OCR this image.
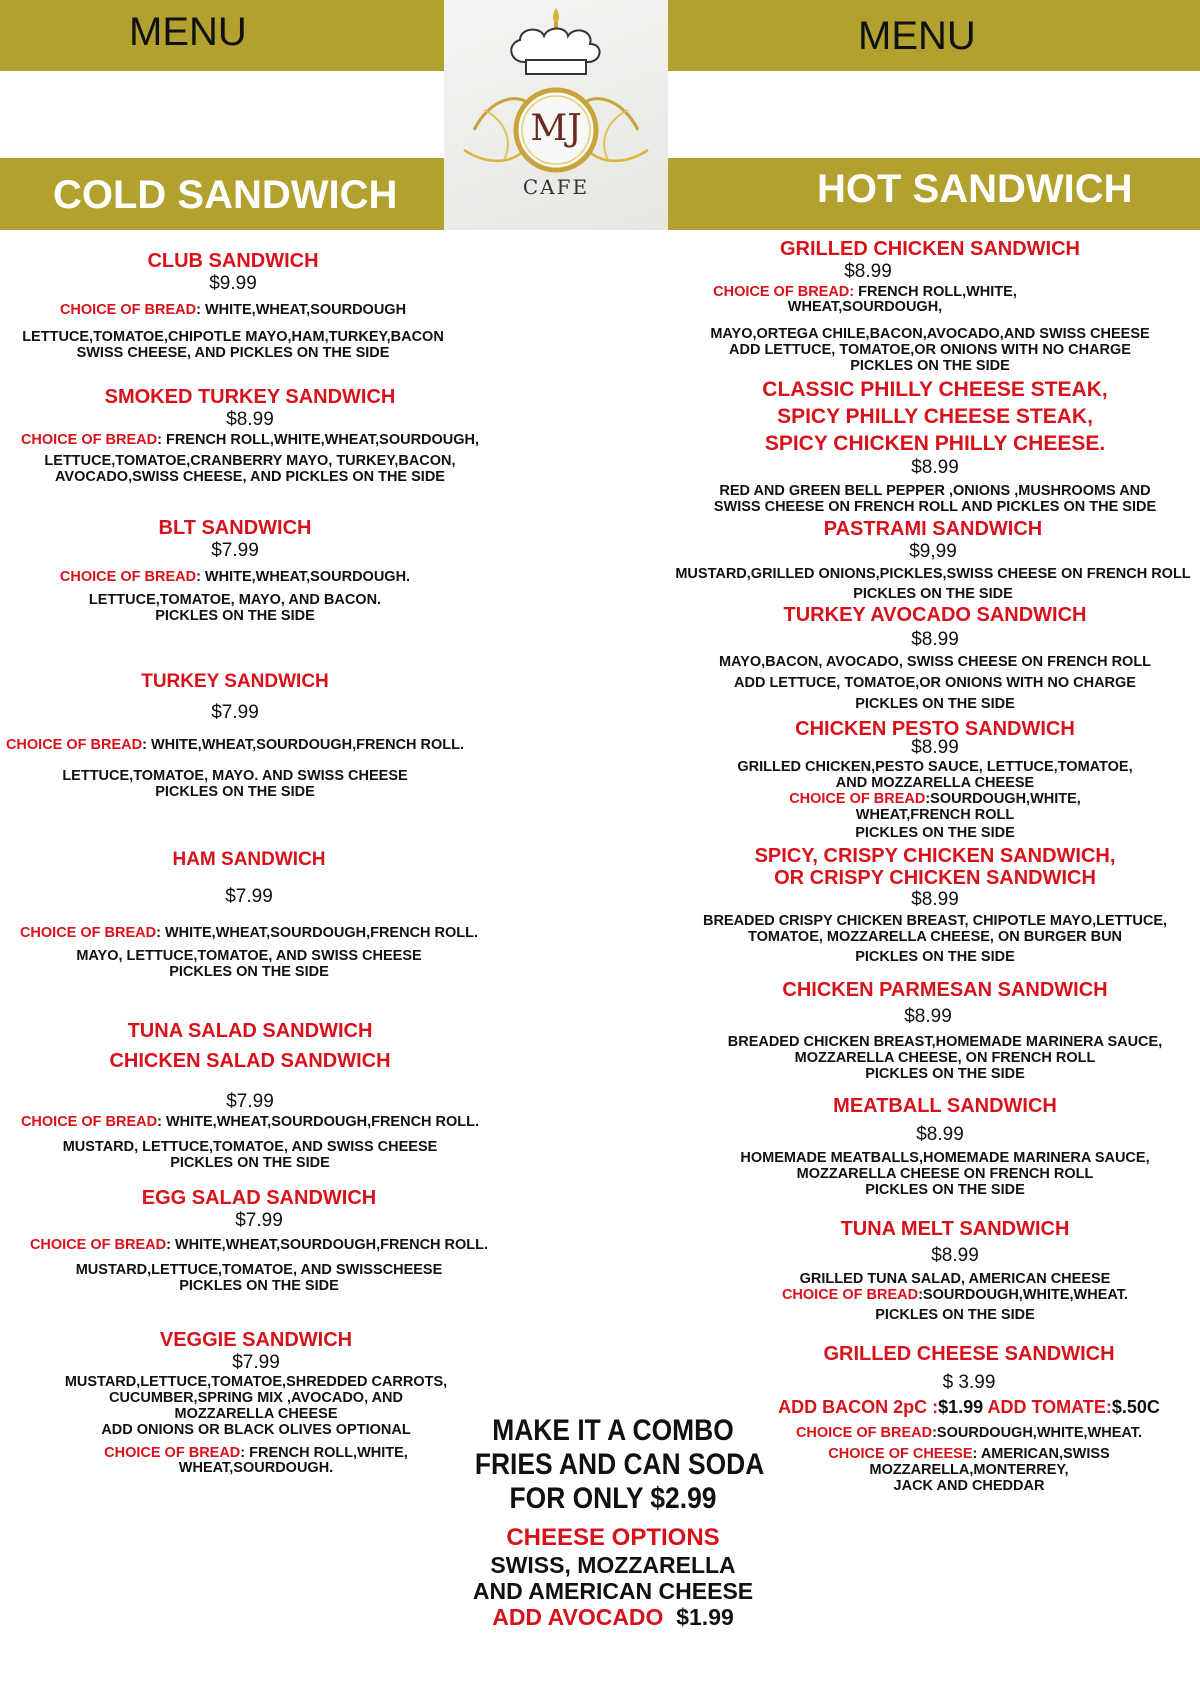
MENU	MENU
COLD SANDWICH	HOT SANDWICH
MJ
CAFE
CLUB SANDWICH
$9.99
CHOICE OF BREAD: WHITE,WHEAT,SOURDOUGH
LETTUCE,TOMATOE,CHIPOTLE MAYO,HAM,TURKEY,BACON
SWISS CHEESE, AND PICKLES ON THE SIDE
SMOKED TURKEY SANDWICH
$8.99
CHOICE OF BREAD: FRENCH ROLL,WHITE,WHEAT,SOURDOUGH,
LETTUCE,TOMATOE,CRANBERRY MAYO, TURKEY,BACON,
AVOCADO,SWISS CHEESE, AND PICKLES ON THE SIDE
BLT SANDWICH
$7.99
CHOICE OF BREAD: WHITE,WHEAT,SOURDOUGH.
LETTUCE,TOMATOE, MAYO, AND BACON.
PICKLES ON THE SIDE
TURKEY SANDWICH
$7.99
CHOICE OF BREAD: WHITE,WHEAT,SOURDOUGH,FRENCH ROLL.
LETTUCE,TOMATOE, MAYO. AND SWISS CHEESE
PICKLES ON THE SIDE
HAM SANDWICH
$7.99
CHOICE OF BREAD: WHITE,WHEAT,SOURDOUGH,FRENCH ROLL.
MAYO, LETTUCE,TOMATOE, AND SWISS CHEESE
PICKLES ON THE SIDE
TUNA SALAD SANDWICH
CHICKEN SALAD SANDWICH
$7.99
CHOICE OF BREAD: WHITE,WHEAT,SOURDOUGH,FRENCH ROLL.
MUSTARD, LETTUCE,TOMATOE, AND SWISS CHEESE
PICKLES ON THE SIDE
EGG SALAD SANDWICH
$7.99
CHOICE OF BREAD: WHITE,WHEAT,SOURDOUGH,FRENCH ROLL.
MUSTARD,LETTUCE,TOMATOE, AND SWISSCHEESE
PICKLES ON THE SIDE
VEGGIE SANDWICH
$7.99
MUSTARD,LETTUCE,TOMATOE,SHREDDED CARROTS,
CUCUMBER,SPRING MIX ,AVOCADO, AND
MOZZARELLA CHEESE
ADD ONIONS OR BLACK OLIVES OPTIONAL
CHOICE OF BREAD: FRENCH ROLL,WHITE,
WHEAT,SOURDOUGH.
GRILLED CHICKEN SANDWICH
$8.99
CHOICE OF BREAD: FRENCH ROLL,WHITE,
WHEAT,SOURDOUGH,
MAYO,ORTEGA CHILE,BACON,AVOCADO,AND SWISS CHEESE
ADD LETTUCE, TOMATOE,OR ONIONS WITH NO CHARGE
PICKLES ON THE SIDE
CLASSIC PHILLY CHEESE STEAK,
SPICY PHILLY CHEESE STEAK,
SPICY CHICKEN PHILLY CHEESE.
$8.99
RED AND GREEN BELL PEPPER ,ONIONS ,MUSHROOMS AND
SWISS CHEESE ON FRENCH ROLL AND PICKLES ON THE SIDE
PASTRAMI SANDWICH
$9,99
MUSTARD,GRILLED ONIONS,PICKLES,SWISS CHEESE ON FRENCH ROLL
PICKLES ON THE SIDE
TURKEY AVOCADO SANDWICH
$8.99
MAYO,BACON, AVOCADO, SWISS CHEESE ON FRENCH ROLL
ADD LETTUCE, TOMATOE,OR ONIONS WITH NO CHARGE
PICKLES ON THE SIDE
CHICKEN PESTO SANDWICH
$8.99
GRILLED CHICKEN,PESTO SAUCE, LETTUCE,TOMATOE,
AND MOZZARELLA CHEESE
CHOICE OF BREAD:SOURDOUGH,WHITE,
WHEAT,FRENCH ROLL
PICKLES ON THE SIDE
SPICY, CRISPY CHICKEN SANDWICH,
OR CRISPY CHICKEN SANDWICH
$8.99
BREADED CRISPY CHICKEN BREAST, CHIPOTLE MAYO,LETTUCE,
TOMATOE, MOZZARELLA CHEESE, ON BURGER BUN
PICKLES ON THE SIDE
CHICKEN PARMESAN SANDWICH
$8.99
BREADED CHICKEN BREAST,HOMEMADE MARINERA SAUCE,
MOZZARELLA CHEESE, ON FRENCH ROLL
PICKLES ON THE SIDE
MEATBALL SANDWICH
$8.99
HOMEMADE MEATBALLS,HOMEMADE MARINERA SAUCE,
MOZZARELLA CHEESE ON FRENCH ROLL
PICKLES ON THE SIDE
TUNA MELT SANDWICH
$8.99
GRILLED TUNA SALAD, AMERICAN CHEESE
CHOICE OF BREAD:SOURDOUGH,WHITE,WHEAT.
PICKLES ON THE SIDE
GRILLED CHEESE SANDWICH
$ 3.99
ADD BACON 2pC :$1.99 ADD TOMATE:$.50C
CHOICE OF BREAD:SOURDOUGH,WHITE,WHEAT.
CHOICE OF CHEESE: AMERICAN,SWISS
MOZZARELLA,MONTERREY,
JACK AND CHEDDAR
MAKE IT A COMBO
FRIES AND CAN SODA
FOR ONLY $2.99
CHEESE OPTIONS
SWISS, MOZZARELLA
AND AMERICAN CHEESE
ADD AVOCADO  $1.99
